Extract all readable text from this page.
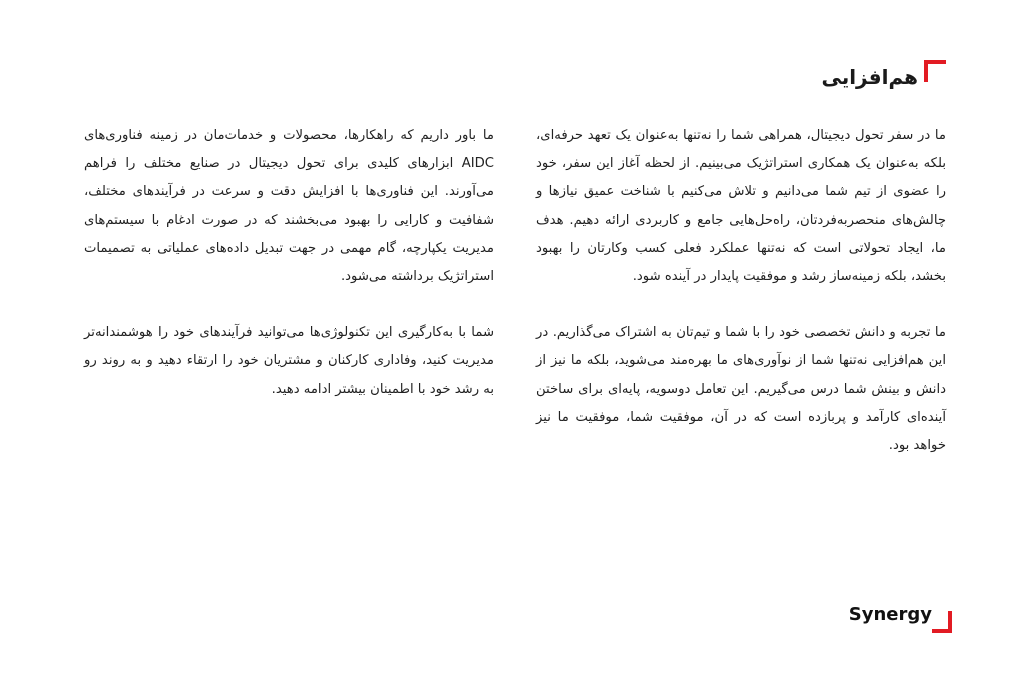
هم‌افزایی

ما در سفر تحول دیجیتال، همراهی شما را نه‌تنها به‌عنوان یک تعهد حرفه‌ای، بلکه به‌عنوان یک همکاری استراتژیک می‌بینیم. از لحظه آغاز این سفر، خود را عضوی از تیم شما می‌دانیم و تلاش می‌کنیم با شناخت عمیق نیازها و چالش‌های منحصربه‌فردتان، راه‌حل‌هایی جامع و کاربردی ارائه دهیم. هدف ما، ایجاد تحولاتی است که نه‌تنها عملکرد فعلی کسب وکارتان را بهبود بخشد، بلکه زمینه‌ساز رشد و موفقیت پایدار در آینده شود.

ما تجربه و دانش تخصصی خود را با شما و تیم‌تان به اشتراک می‌گذاریم. در این هم‌افزایی نه‌تنها شما از نوآوری‌های ما بهره‌مند می‌شوید، بلکه ما نیز از دانش و بینش شما درس می‌گیریم. این تعامل دوسویه، پایه‌ای برای ساختن آینده‌ای کارآمد و پربازده است که در آن، موفقیت شما، موفقیت ما نیز خواهد بود.

ما باور داریم که راهکارها، محصولات و خدمات‌مان در زمینه فناوری‌های AIDC ابزارهای کلیدی برای تحول دیجیتال در صنایع مختلف را فراهم می‌آورند. این فناوری‌ها با افزایش دقت و سرعت در فرآیندهای مختلف، شفافیت و کارایی را بهبود می‌بخشند که در صورت ادغام با سیستم‌های مدیریت یکپارچه، گام مهمی در جهت تبدیل داده‌های عملیاتی به تصمیمات استراتژیک برداشته می‌شود.

شما با به‌کارگیری این تکنولوژی‌ها می‌توانید فرآیندهای خود را هوشمندانه‌تر مدیریت کنید، وفاداری کارکنان و مشتریان خود را ارتقاء دهید و به روند رو به رشد خود با اطمینان بیشتر ادامه دهید.

Synergy
